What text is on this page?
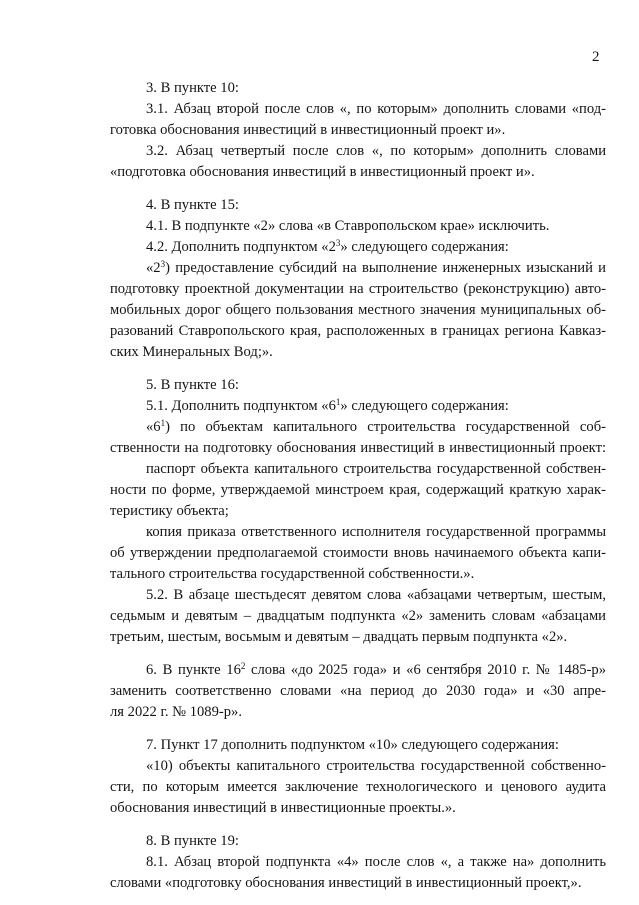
2
3. В пункте 10:
3.1. Абзац второй после слов «, по которым» дополнить словами «под-
готовка обоснования инвестиций в инвестиционный проект и».
3.2. Абзац четвертый после слов «, по которым» дополнить словами
«подготовка обоснования инвестиций в инвестиционный проект и».
4. В пункте 15:
4.1. В подпункте «2» слова «в Ставропольском крае» исключить.
4.2. Дополнить подпунктом «$2^3$» следующего содержания:
«$2^3$) предоставление субсидий на выполнение инженерных изысканий и
подготовку проектной документации на строительство (реконструкцию) авто-
мобильных дорог общего пользования местного значения муниципальных об-
разований Ставропольского края, расположенных в границах региона Кавказ-
ских Минеральных Вод;».
5. В пункте 16:
5.1. Дополнить подпунктом «$6^1$» следующего содержания:
«$6^1$) по объектам капитального строительства государственной соб-
ственности на подготовку обоснования инвестиций в инвестиционный проект:
паспорт объекта капитального строительства государственной собствен-
ности по форме, утверждаемой минстроем края, содержащий краткую харак-
теристику объекта;
копия приказа ответственного исполнителя государственной программы
об утверждении предполагаемой стоимости вновь начинаемого объекта капи-
тального строительства государственной собственности.».
5.2. В абзаце шестьдесят девятом слова «абзацами четвертым, шестым,
седьмым и девятым – двадцатым подпункта «2» заменить словам «абзацами
третьим, шестым, восьмым и девятым – двадцать первым подпункта «2».
6. В пункте $16^2$ слова «до 2025 года» и «6 сентября 2010 г. № 1485-р»
заменить соответственно словами «на период до 2030 года» и «30 апре-
ля 2022 г. № 1089-р».
7. Пункт 17 дополнить подпунктом «10» следующего содержания:
«10) объекты капитального строительства государственной собственно-
сти, по которым имеется заключение технологического и ценового аудита
обоснования инвестиций в инвестиционные проекты.».
8. В пункте 19:
8.1. Абзац второй подпункта «4» после слов «, а также на» дополнить
словами «подготовку обоснования инвестиций в инвестиционный проект,».
